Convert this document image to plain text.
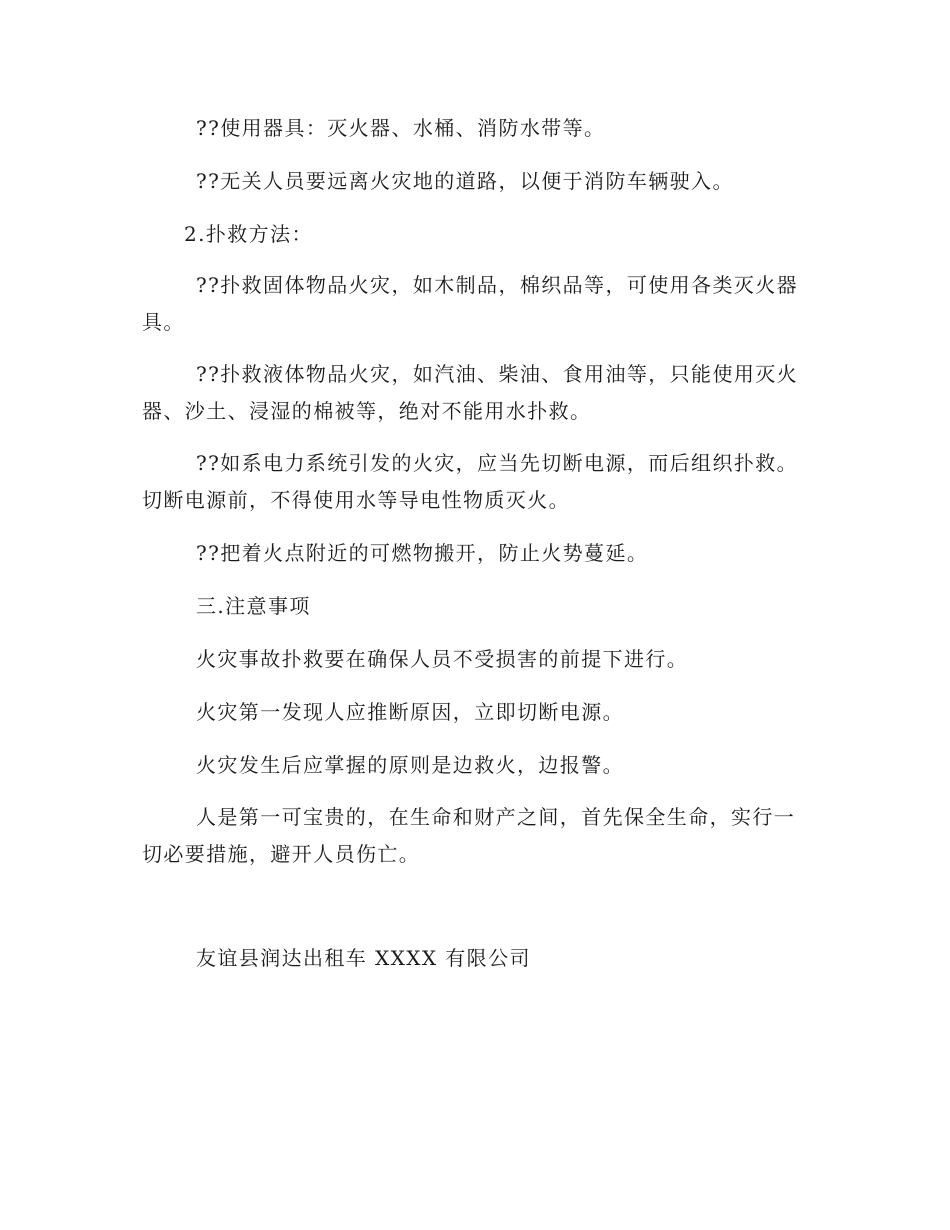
??使用器具：灭火器、水桶、消防水带等。
??无关人员要远离火灾地的道路，以便于消防车辆驶入。
2.扑救方法：
??扑救固体物品火灾，如木制品，棉织品等，可使用各类灭火器
具。
??扑救液体物品火灾，如汽油、柴油、食用油等，只能使用灭火
器、沙土、浸湿的棉被等，绝对不能用水扑救。
??如系电力系统引发的火灾，应当先切断电源，而后组织扑救。
切断电源前，不得使用水等导电性物质灭火。
??把着火点附近的可燃物搬开，防止火势蔓延。
三.注意事项
火灾事故扑救要在确保人员不受损害的前提下进行。
火灾第一发现人应推断原因，立即切断电源。
火灾发生后应掌握的原则是边救火，边报警。
人是第一可宝贵的，在生命和财产之间，首先保全生命，实行一
切必要措施，避开人员伤亡。
友谊县润达出租车 XXXX 有限公司
